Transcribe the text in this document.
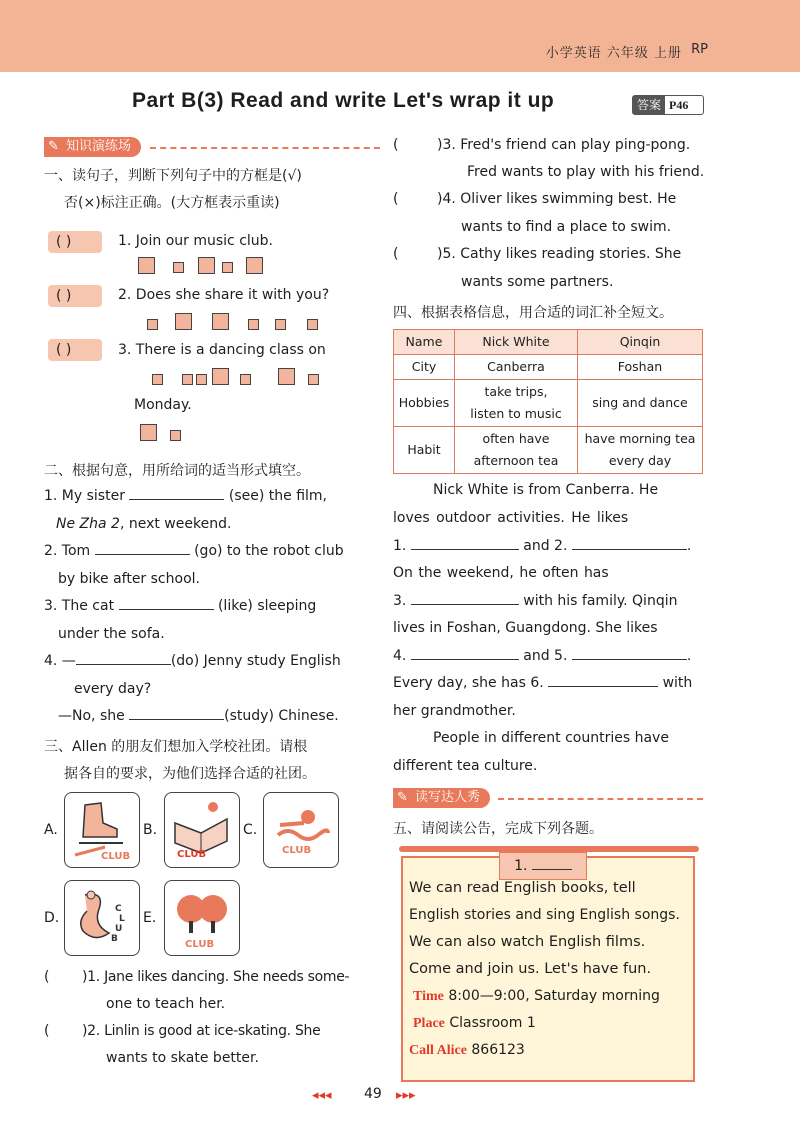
小学英语 六年级 上册 RP
Part B(3) Read and write Let's wrap it up	答案 P46
✎ 知识演练场
一、读句子，判断下列句子中的方框是(√)
否(×)标注正确。(大方框表示重读)
( )	1. Join our music club.
( )	2. Does she share it with you?
( )	3. There is a dancing class on
Monday.
二、根据句意，用所给词的适当形式填空。
1. My sister	(see) the film,
Ne Zha 2, next weekend.
2. Tom	(go) to the robot club
by bike after school.
3. The cat	(like) sleeping
under the sofa.
4. —	(do) Jenny study English
every day?
—No, she	(study) Chinese.
三、Allen 的朋友们想加入学校社团。请根
据各自的要求，为他们选择合适的社团。
A.
CLUB
B.
CLUB
C.
CLUB
D.
C
L
U
B
E.
CLUB
( )1. Jane likes dancing. She needs some-
one to teach her.
( )2. Linlin is good at ice-skating. She
wants to skate better.
(	)3. Fred's friend can play ping-pong.
Fred wants to play with his friend.
(	)4. Oliver likes swimming best. He
wants to find a place to swim.
(	)5. Cathy likes reading stories. She
wants some partners.
四、根据表格信息，用合适的词汇补全短文。
Name	Nick White	Qinqin
City	Canberra	Foshan
Hobbies	take trips,
listen to music	sing and dance
Habit	often have
afternoon tea	have morning tea
every day
Nick White is from Canberra. He
loves outdoor activities. He likes
1.	and 2.	.
On the weekend, he often has
3.	with his family. Qinqin
lives in Foshan, Guangdong. She likes
4.	and 5.	.
Every day, she has 6.	with
her grandmother.
People in different countries have
different tea culture.
✎ 读写达人秀
五、请阅读公告，完成下列各题。
1.
We can read English books, tell
English stories and sing English songs.
We can also watch English films.
Come and join us. Let's have fun.
Time 8:00—9:00, Saturday morning
Place Classroom 1
Call Alice 866123
◂◂◂ 49 ▸▸▸
